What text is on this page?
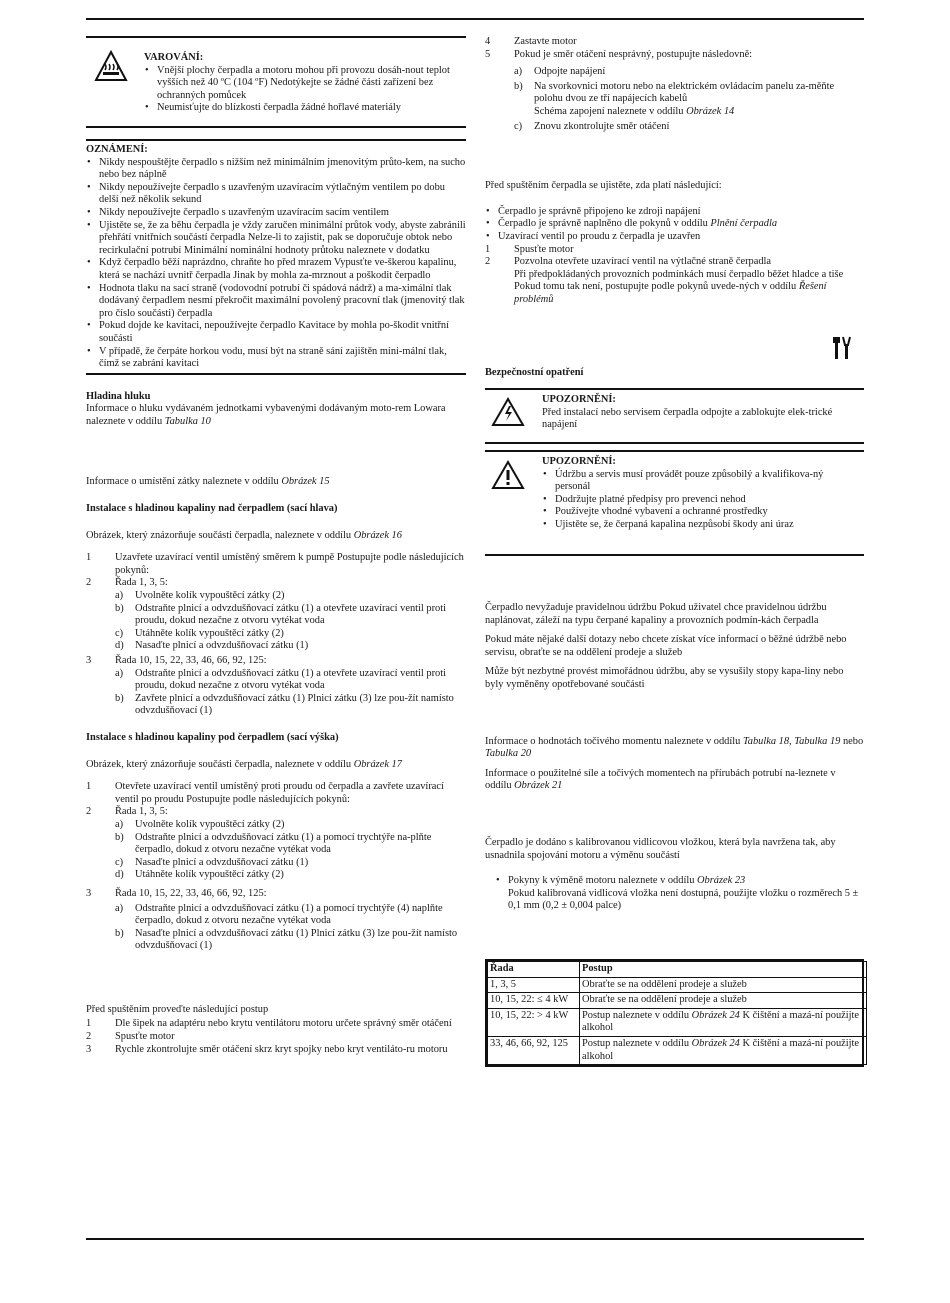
VAROVÁNÍ:

• Vnější plochy čerpadla a motoru mohou při provozu dosáh-nout teplot vyšších než 40 ºC (104 ºF) Nedotýkejte se žádné části zařízení bez ochranných pomůcek
• Neumisťujte do blízkosti čerpadla žádné hořlavé materiály

OZNÁMENÍ:

• Nikdy nespouštějte čerpadlo s nižším než minimálním jmenovitým průto-kem, na sucho nebo bez náplně
• Nikdy nepoužívejte čerpadlo s uzavřeným uzavíracím výtlačným ventilem po dobu delší než několik sekund
• Nikdy nepoužívejte čerpadlo s uzavřeným uzavíracím sacím ventilem
• Ujistěte se, že za běhu čerpadla je vždy zaručen minimální průtok vody, abyste zabránili přehřátí vnitřních součástí čerpadla Nelze-li to zajistit, pak se doporučuje obtok nebo recirkulační potrubí Minimální nominální hodnoty průtoku naleznete v dodatku
• Když čerpadlo běží naprázdno, chraňte ho před mrazem Vypusťte ve-škerou kapalinu, která se nachází uvnitř čerpadla Jinak by mohla za-mrznout a poškodit čerpadlo
• Hodnota tlaku na sací straně (vodovodní potrubí či spádová nádrž) a ma-ximální tlak dodávaný čerpadlem nesmí překročit maximální povolený pracovní tlak (jmenovitý tlak pro číslo součásti) čerpadla
• Pokud dojde ke kavitaci, nepoužívejte čerpadlo Kavitace by mohla po-škodit vnitřní součásti
• V případě, že čerpáte horkou vodu, musí být na straně sání zajištěn mini-mální tlak, čímž se zabrání kavitaci

Hladina hluku

Informace o hluku vydávaném jednotkami vybavenými dodávaným moto-rem Lowara naleznete v oddílu Tabulka 10

Informace o umístění zátky naleznete v oddílu Obrázek 15

Instalace s hladinou kapaliny nad čerpadlem (sací hlava)

Obrázek, který znázorňuje součásti čerpadla, naleznete v oddílu Obrázek 16

1 Uzavřete uzavírací ventil umístěný směrem k pumpě Postupujte podle následujících pokynů:
2 Řada 1, 3, 5:
a) Uvolněte kolík vypouštěcí zátky (2)
b) Odstraňte plnicí a odvzdušňovací zátku (1) a otevřete uzavírací ventil proti proudu, dokud nezačne z otvoru vytékat voda
c) Utáhněte kolík vypouštěcí zátky (2)
d) Nasaďte plnicí a odvzdušňovací zátku (1)
3 Řada 10, 15, 22, 33, 46, 66, 92, 125:
a) Odstraňte plnicí a odvzdušňovací zátku (1) a otevřete uzavírací ventil proti proudu, dokud nezačne z otvoru vytékat voda
b) Zavřete plnicí a odvzdušňovací zátku (1) Plnicí zátku (3) lze pou-žít namísto odvzdušňovací (1)

Instalace s hladinou kapaliny pod čerpadlem (sací výška)

Obrázek, který znázorňuje součásti čerpadla, naleznete v oddílu Obrázek 17

1 Otevřete uzavírací ventil umístěný proti proudu od čerpadla a zavřete uzavírací ventil po proudu Postupujte podle následujících pokynů:
2 Řada 1, 3, 5:
a) Uvolněte kolík vypouštěcí zátky (2)
b) Odstraňte plnicí a odvzdušňovací zátku (1) a pomocí trychtýře na-plňte čerpadlo, dokud z otvoru nezačne vytékat voda
c) Nasaďte plnicí a odvzdušňovací zátku (1)
d) Utáhněte kolík vypouštěcí zátky (2)
3 Řada 10, 15, 22, 33, 46, 66, 92, 125:
a) Odstraňte plnicí a odvzdušňovací zátku (1) a pomocí trychtýře (4) naplňte čerpadlo, dokud z otvoru nezačne vytékat voda
b) Nasaďte plnicí a odvzdušňovací zátku (1) Plnicí zátku (3) lze pou-žít namísto odvzdušňovací (1)

Před spuštěním proveďte následující postup

1 Dle šipek na adaptéru nebo krytu ventilátoru motoru určete správný směr otáčení
2 Spusťte motor
3 Rychle zkontrolujte směr otáčení skrz kryt spojky nebo kryt ventiláto-ru motoru
4 Zastavte motor
5 Pokud je směr otáčení nesprávný, postupujte následovně:
a) Odpojte napájení
b) Na svorkovnici motoru nebo na elektrickém ovládacím panelu za-měňte polohu dvou ze tří napájecích kabelů
Schéma zapojení naleznete v oddílu Obrázek 14
c) Znovu zkontrolujte směr otáčení

Před spuštěním čerpadla se ujistěte, zda platí následující:

• Čerpadlo je správně připojeno ke zdroji napájení
• Čerpadlo je správně naplněno dle pokynů v oddílu Plnění čerpadla
• Uzavírací ventil po proudu z čerpadla je uzavřen
1 Spusťte motor
2 Pozvolna otevřete uzavírací ventil na výtlačné straně čerpadla
Při předpokládaných provozních podmínkách musí čerpadlo běžet hladce a tiše Pokud tomu tak není, postupujte podle pokynů uvede-ných v oddílu Řešení problémů

Bezpečnostní opatření

UPOZORNĚNÍ:

Před instalací nebo servisem čerpadla odpojte a zablokujte elek-trické napájení

UPOZORNĚNÍ:

• Údržbu a servis musí provádět pouze způsobilý a kvalifikova-ný personál
• Dodržujte platné předpisy pro prevenci nehod
• Používejte vhodné vybavení a ochranné prostředky
• Ujistěte se, že čerpaná kapalina nezpůsobí škody ani úraz

Čerpadlo nevyžaduje pravidelnou údržbu Pokud uživatel chce pravidelnou údržbu naplánovat, záleží na typu čerpané kapaliny a provozních podmín-kách čerpadla

Pokud máte nějaké další dotazy nebo chcete získat více informací o běžné údržbě nebo servisu, obraťte se na oddělení prodeje a služeb

Může být nezbytné provést mimořádnou údržbu, aby se vysušily stopy kapa-liny nebo byly vyměněny opotřebované součásti

Informace o hodnotách točivého momentu naleznete v oddílu Tabulka 18, Tabulka 19 nebo Tabulka 20

Informace o použitelné síle a točivých momentech na přírubách potrubí na-leznete v oddílu Obrázek 21

Čerpadlo je dodáno s kalibrovanou vidlicovou vložkou, která byla navržena tak, aby usnadnila spojování motoru a výměnu součástí

• Pokyny k výměně motoru naleznete v oddílu Obrázek 23
Pokud kalibrovaná vidlicová vložka není dostupná, použijte vložku o rozměrech 5 ± 0,1 mm (0,2 ± 0,004 palce)
Řada	Postup
1, 3, 5	Obraťte se na oddělení prodeje a služeb
10, 15, 22: ≤ 4 kW	Obraťte se na oddělení prodeje a služeb
10, 15, 22: > 4 kW	Postup naleznete v oddílu Obrázek 24 K čištění a mazá-ní použijte alkohol
33, 46, 66, 92, 125	Postup naleznete v oddílu Obrázek 24 K čištění a mazá-ní použijte alkohol
